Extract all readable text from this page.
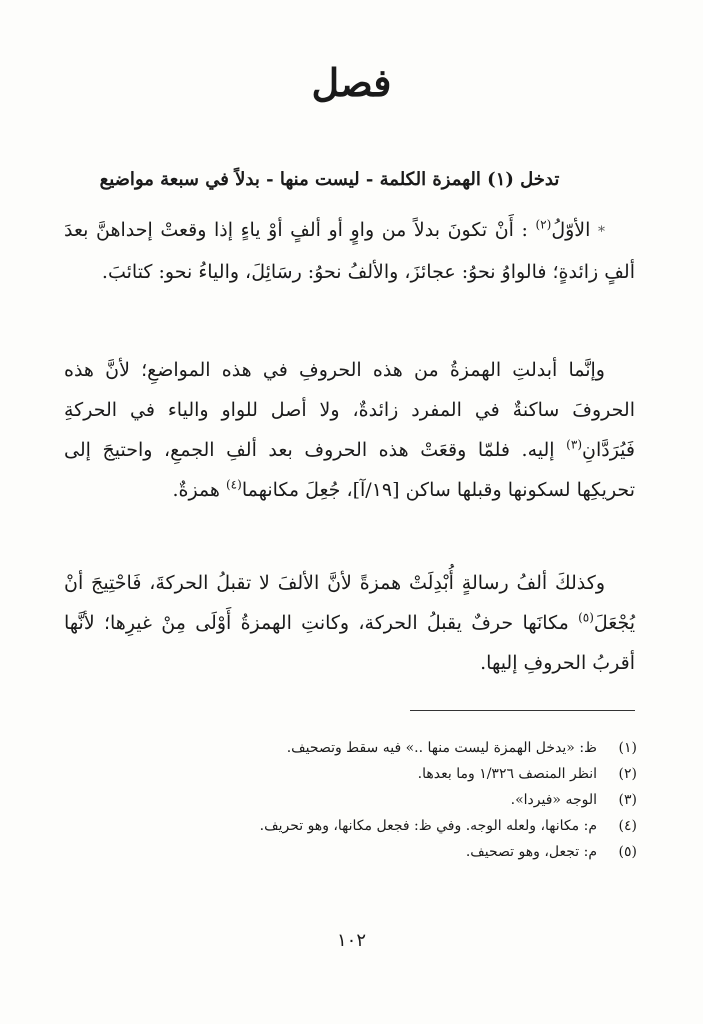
فصل
تدخل (١) الهمزة الكلمة - ليست منها - بدلاً في سبعة مواضيع
* الأوّلُ$^{(٢)}$ : أَنْ تكونَ بدلاً من واوٍ أو ألفٍ أوْ ياءٍ إذا وقعتْ إحداهنَّ بعدَ ألفٍ زائدةٍ؛ فالواوُ نحوُ: عجائزَ، والألفُ نحوُ: رسَائِلَ، والياءُ نحو: كتائبَ.
وإنَّما أبدلتِ الهمزةُ من هذه الحروفِ في هذه المواضعِ؛ لأنَّ هذه الحروفَ ساكنةٌ في المفرد زائدةٌ، ولا أصل للواو والياء في الحركةِ فَيُرَدَّانِ$^{(٣)}$ إليه. فلمّا وقعَتْ هذه الحروف بعد ألفِ الجمعِ، واحتيجَ إلى تحريكِها لسكونها وقبلها ساكن [١٩/آ]، جُعِلَ مكانهما$^{(٤)}$ همزةٌ.
وكذلكَ ألفُ رسالةٍ أُبْدِلَتْ همزةً لأنَّ الألفَ لا تقبلُ الحركةَ، فَاحْتِيجَ أنْ يُجْعَلَ$^{(٥)}$ مكانَها حرفٌ يقبلُ الحركة، وكانتِ الهمزةُ أَوْلَى مِنْ غيرِها؛ لأنَّها أقربُ الحروفِ إليها.
(١)
ظ: «يدخل الهمزة ليست منها ..» فيه سقط وتصحيف.
(٢)
انظر المنصف ١/٣٢٦ وما بعدها.
(٣)
الوجه «فيردا».
(٤)
م: مكانها، ولعله الوجه. وفي ظ: فجعل مكانها، وهو تحريف.
(٥)
م: تجعل، وهو تصحيف.
١٠٢
